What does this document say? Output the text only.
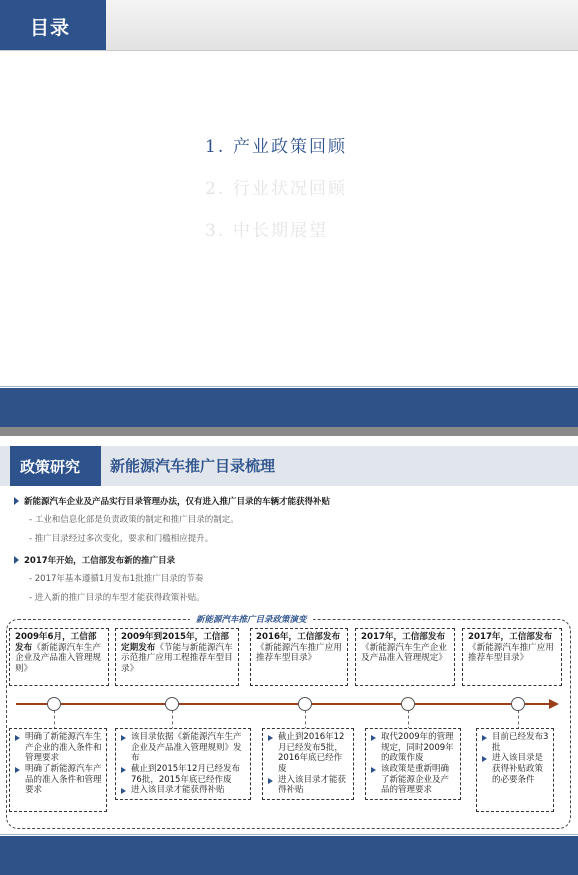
目录
1. 产业政策回顾
2. 行业状况回顾
3. 中长期展望
政策研究 新能源汽车推广目录梳理
新能源汽车企业及产品实行目录管理办法，仅有进入推广目录的车辆才能获得补贴
- 工业和信息化部是负责政策的制定和推广目录的制定。
- 推广目录经过多次变化，要求和门槛相应提升。
2017年开始，工信部发布新的推广目录
- 2017年基本遵循1月发布1批推广目录的节奏
- 进入新的推广目录的车型才能获得政策补贴。
新能源汽车推广目录政策演变
2009年6月，工信部发布《新能源汽车生产企业及产品准入管理规则》
2009年到2015年，工信部定期发布《节能与新能源汽车示范推广应用工程推荐车型目录》
2016年，工信部发布《新能源汽车推广应用推荐车型目录》
2017年，工信部发布《新能源汽车生产企业及产品准入管理规定》
2017年，工信部发布《新能源汽车推广应用推荐车型目录》
明确了新能源汽车生产企业的准入条件和管理要求
明确了新能源汽车产品的准入条件和管理要求
该目录依据《新能源汽车生产企业及产品准入管理规则》发布
截止到2015年12月已经发布76批，2015年底已经作废
进入该目录才能获得补贴
截止到2016年12月已经发布5批，2016年底已经作废
进入该目录才能获得补贴
取代2009年的管理规定，同时2009年的政策作废
该政策是重新明确了新能源企业及产品的管理要求
目前已经发布3批
进入该目录是获得补贴政策的必要条件
